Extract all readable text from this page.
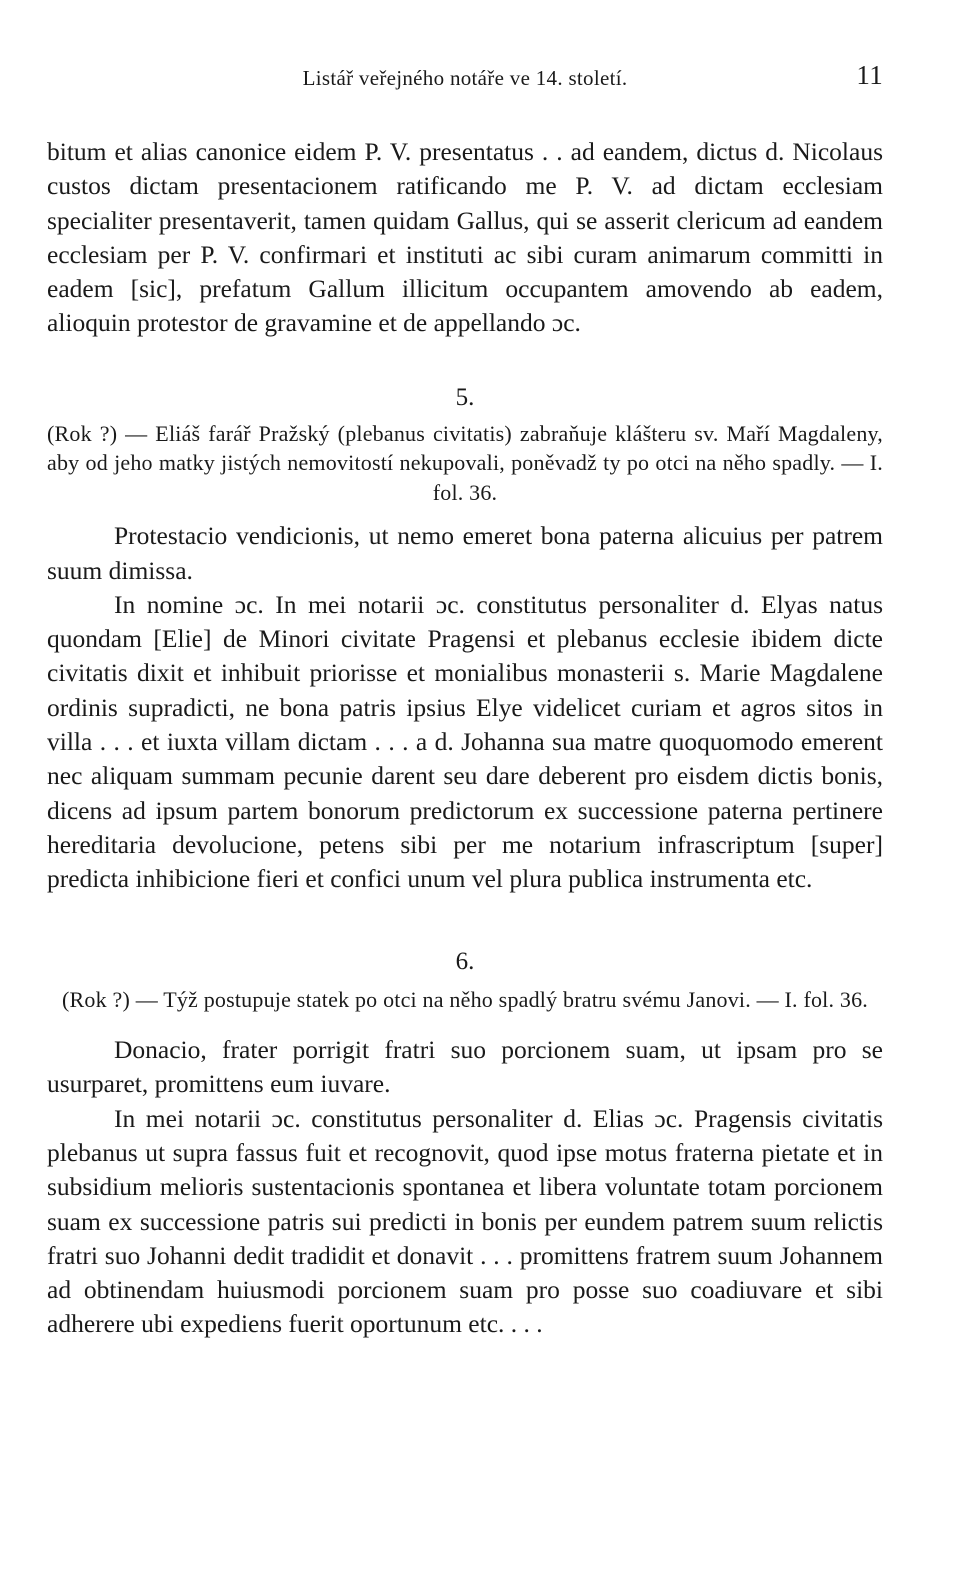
Listář veřejného notáře ve 14. století.	11

bitum et alias canonice eidem P. V. presentatus . . ad eandem, dictus d. Nicolaus custos dictam presentacionem ratificando me P. V. ad dictam ecclesiam specialiter presentaverit, tamen quidam Gallus, qui se asserit clericum ad eandem ecclesiam per P. V. confirmari et instituti ac sibi curam animarum committi in eadem [sic], prefatum Gallum illicitum occupantem amovendo ab eadem, alioquin protestor de gravamine et de appellando ɔc.

5.

(Rok ?) — Eliáš farář Pražský (plebanus civitatis) zabraňuje klášteru sv. Maří Magdaleny, aby od jeho matky jistých nemovitostí nekupovali, poněvadž ty po otci na něho spadly. — I. fol. 36.

Protestacio vendicionis, ut nemo emeret bona paterna alicuius per patrem suum dimissa.

In nomine ɔc. In mei notarii ɔc. constitutus personaliter d. Elyas natus quondam [Elie] de Minori civitate Pragensi et plebanus ecclesie ibidem dicte civitatis dixit et inhibuit priorisse et monialibus monasterii s. Marie Magdalene ordinis supradicti, ne bona patris ipsius Elye videlicet curiam et agros sitos in villa . . . et iuxta villam dictam . . . a d. Johanna sua matre quoquomodo emerent nec aliquam summam pecunie darent seu dare deberent pro eisdem dictis bonis, dicens ad ipsum partem bonorum predictorum ex successione paterna pertinere hereditaria devolucione, petens sibi per me notarium infrascriptum [super] predicta inhibicione fieri et confici unum vel plura publica instrumenta etc.

6.

(Rok ?) — Týž postupuje statek po otci na něho spadlý bratru svému Janovi. — I. fol. 36.

Donacio, frater porrigit fratri suo porcionem suam, ut ipsam pro se usurparet, promittens eum iuvare.

In mei notarii ɔc. constitutus personaliter d. Elias ɔc. Pragensis civitatis plebanus ut supra fassus fuit et recognovit, quod ipse motus fraterna pietate et in subsidium melioris sustentacionis spontanea et libera voluntate totam porcionem suam ex successione patris sui predicti in bonis per eundem patrem suum relictis fratri suo Johanni dedit tradidit et donavit . . . promittens fratrem suum Johannem ad obtinendam huiusmodi porcionem suam pro posse suo coadiuvare et sibi adherere ubi expediens fuerit oportunum etc. . . .
